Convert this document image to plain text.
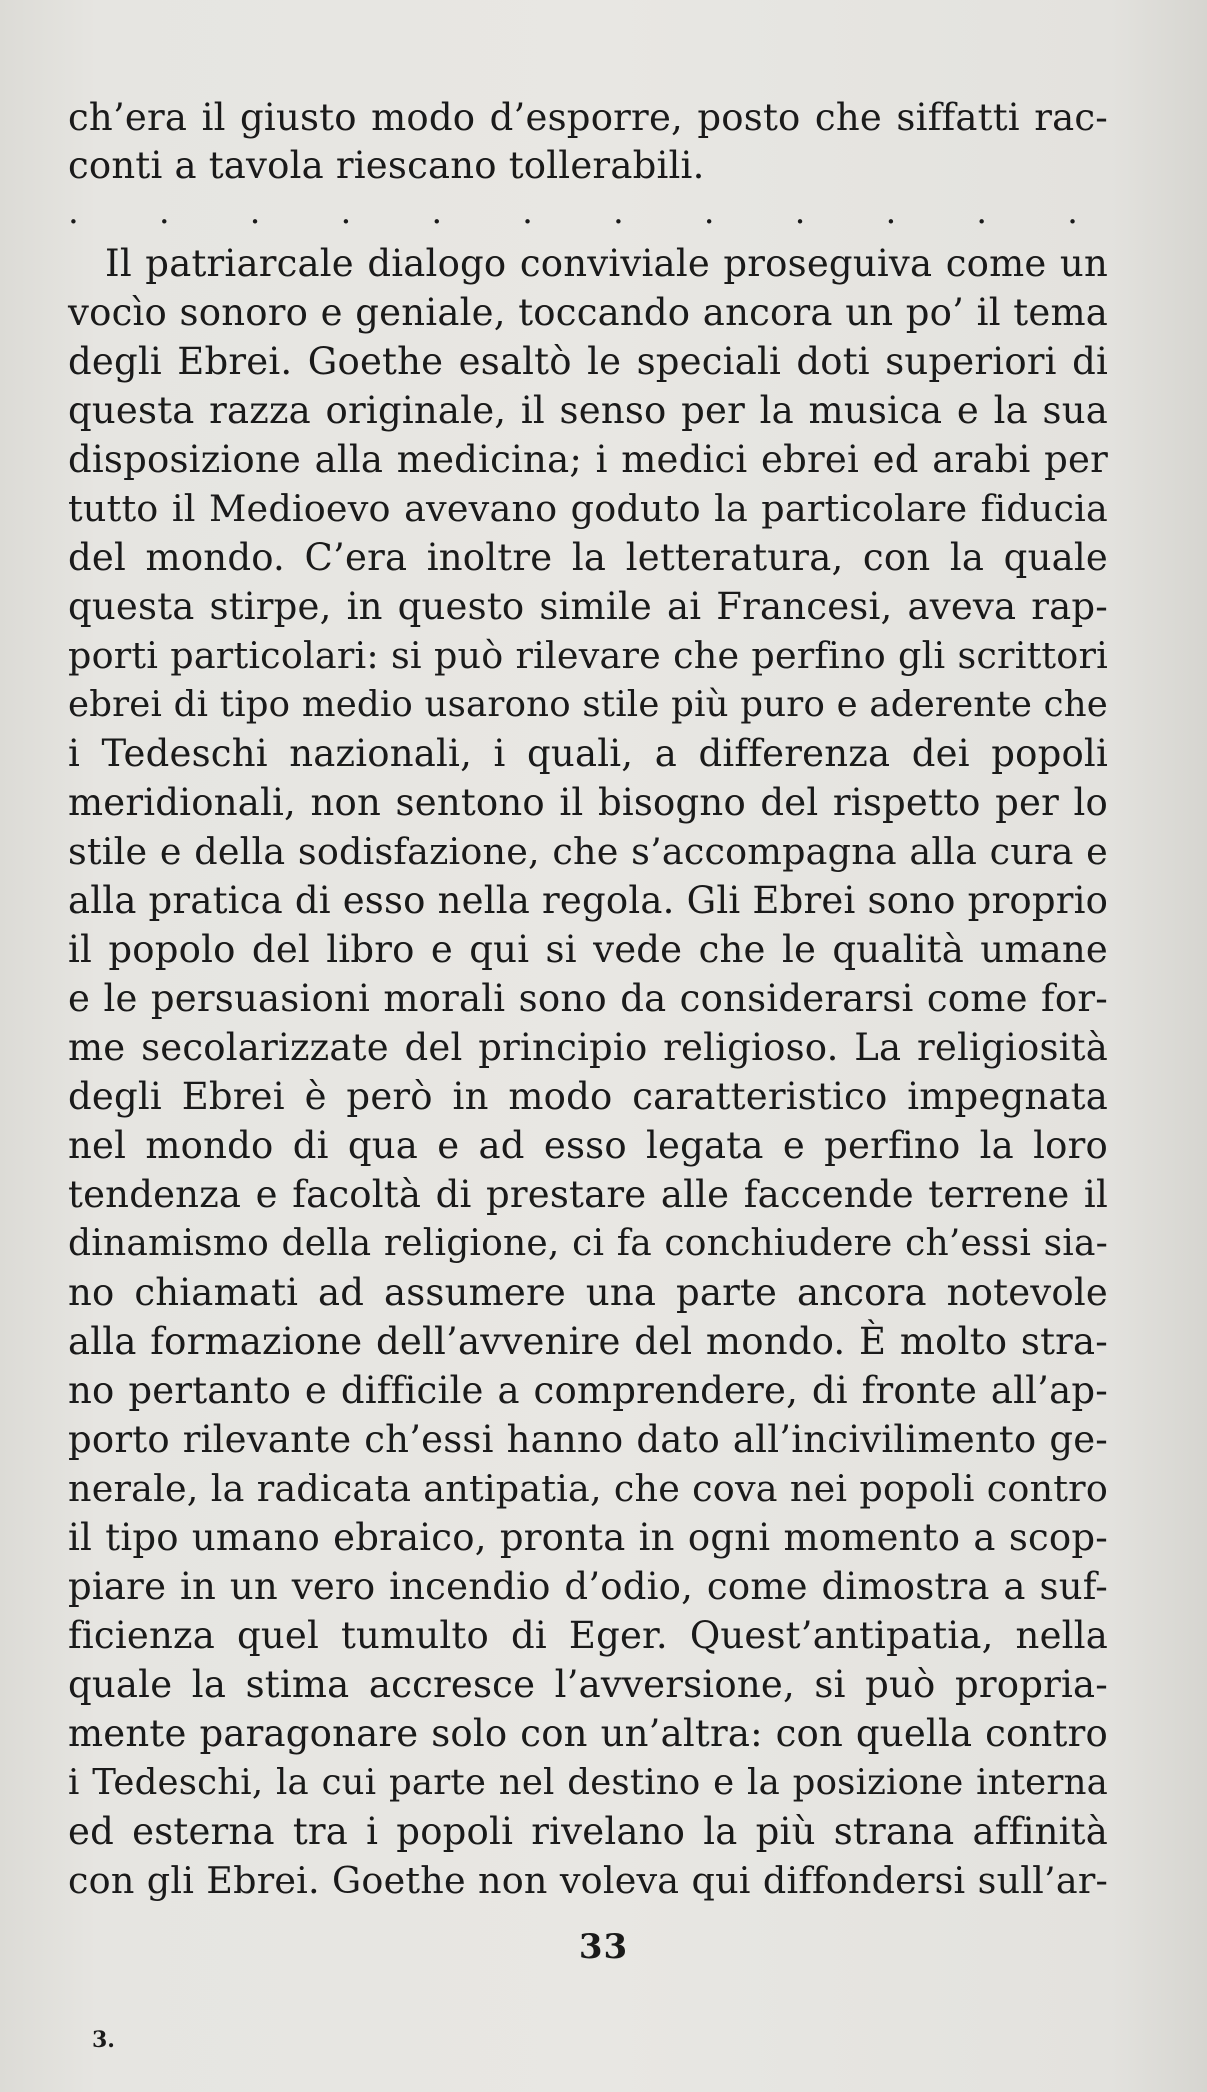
ch’era il giusto modo d’esporre, posto che siffatti rac-
conti a tavola riescano tollerabili.
. . . . . . . . . . . .
Il patriarcale dialogo conviviale proseguiva come un
vocìo sonoro e geniale, toccando ancora un po’ il tema
degli Ebrei. Goethe esaltò le speciali doti superiori di
questa razza originale, il senso per la musica e la sua
disposizione alla medicina; i medici ebrei ed arabi per
tutto il Medioevo avevano goduto la particolare fiducia
del mondo. C’era inoltre la letteratura, con la quale
questa stirpe, in questo simile ai Francesi, aveva rap-
porti particolari: si può rilevare che perfino gli scrittori
ebrei di tipo medio usarono stile più puro e aderente che
i Tedeschi nazionali, i quali, a differenza dei popoli
meridionali, non sentono il bisogno del rispetto per lo
stile e della sodisfazione, che s’accompagna alla cura e
alla pratica di esso nella regola. Gli Ebrei sono proprio
il popolo del libro e qui si vede che le qualità umane
e le persuasioni morali sono da considerarsi come for-
me secolarizzate del principio religioso. La religiosità
degli Ebrei è però in modo caratteristico impegnata
nel mondo di qua e ad esso legata e perfino la loro
tendenza e facoltà di prestare alle faccende terrene il
dinamismo della religione, ci fa conchiudere ch’essi sia-
no chiamati ad assumere una parte ancora notevole
alla formazione dell’avvenire del mondo. È molto stra-
no pertanto e difficile a comprendere, di fronte all’ap-
porto rilevante ch’essi hanno dato all’incivilimento ge-
nerale, la radicata antipatia, che cova nei popoli contro
il tipo umano ebraico, pronta in ogni momento a scop-
piare in un vero incendio d’odio, come dimostra a suf-
ficienza quel tumulto di Eger. Quest’antipatia, nella
quale la stima accresce l’avversione, si può propria-
mente paragonare solo con un’altra: con quella contro
i Tedeschi, la cui parte nel destino e la posizione interna
ed esterna tra i popoli rivelano la più strana affinità
con gli Ebrei. Goethe non voleva qui diffondersi sull’ar-
33
3.
